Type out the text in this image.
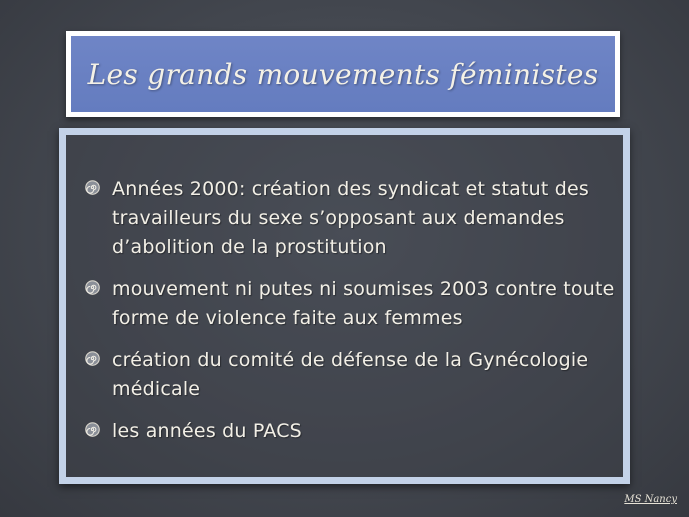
Les grands mouvements féministes
Années 2000: création des syndicat et statut des travailleurs du sexe s’opposant aux demandes d’abolition de la prostitution
mouvement ni putes ni soumises 2003 contre toute forme de violence faite aux femmes
création du comité de défense de la Gynécologie médicale
les années du PACS
MS Nancy
